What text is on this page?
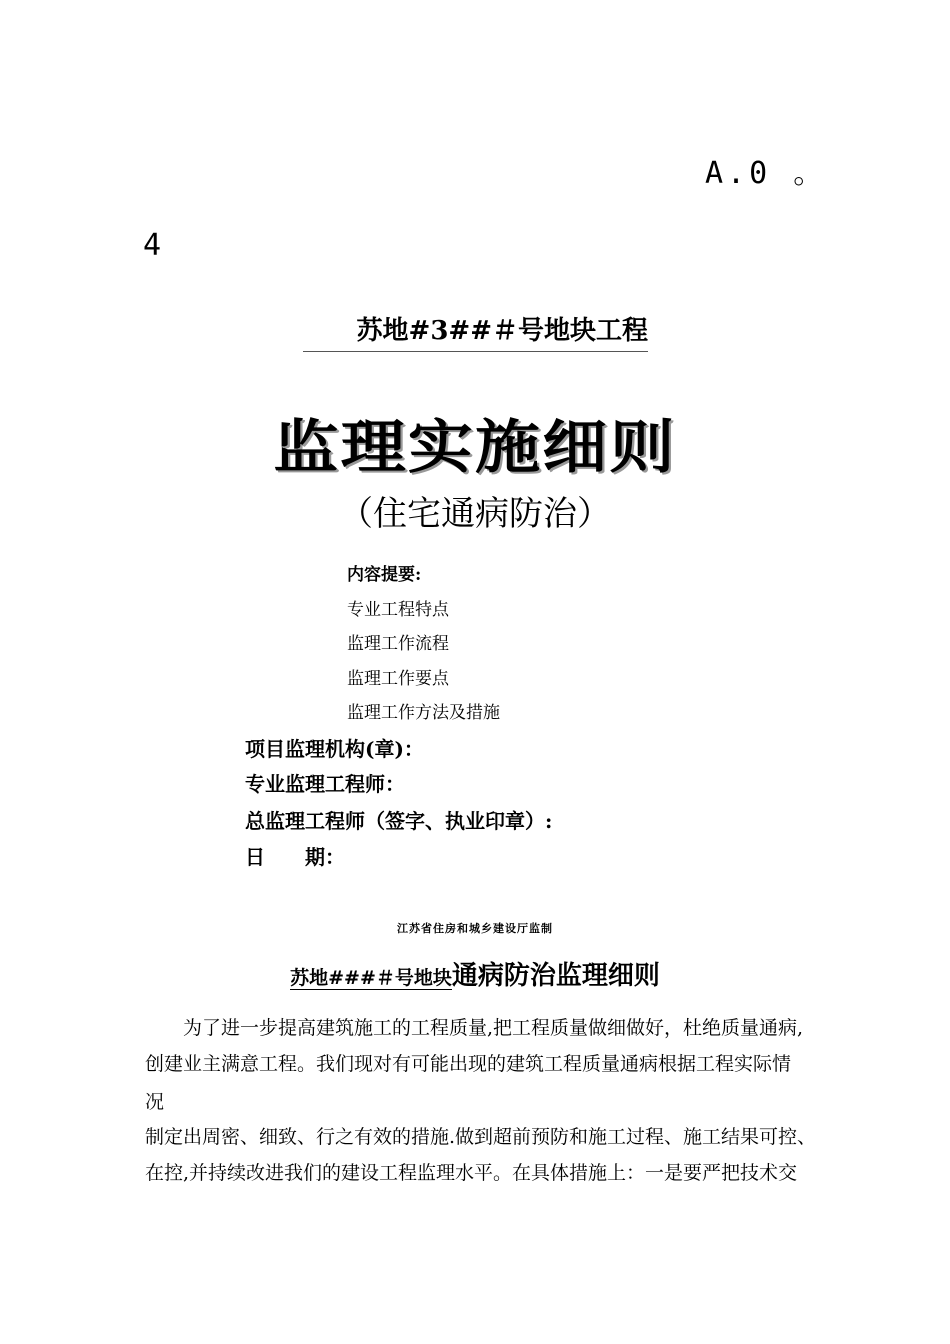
A.0 。
4
苏地#3##＃号地块工程
监理实施细则
（住宅通病防治）
内容提要:
专业工程特点
监理工作流程
监理工作要点
监理工作方法及措施
项目监理机构(章)：
专业监理工程师：
总监理工程师（签字、执业印章）:
日　　期：
江苏省住房和城乡建设厅监制
苏地###＃号地块通病防治监理细则
　　为了进一步提高建筑施工的工程质量,把工程质量做细做好，杜绝质量通病,
创建业主满意工程。我们现对有可能出现的建筑工程质量通病根据工程实际情
况
制定出周密、细致、行之有效的措施.做到超前预防和施工过程、施工结果可控、
在控,并持续改进我们的建设工程监理水平。在具体措施上：一是要严把技术交
